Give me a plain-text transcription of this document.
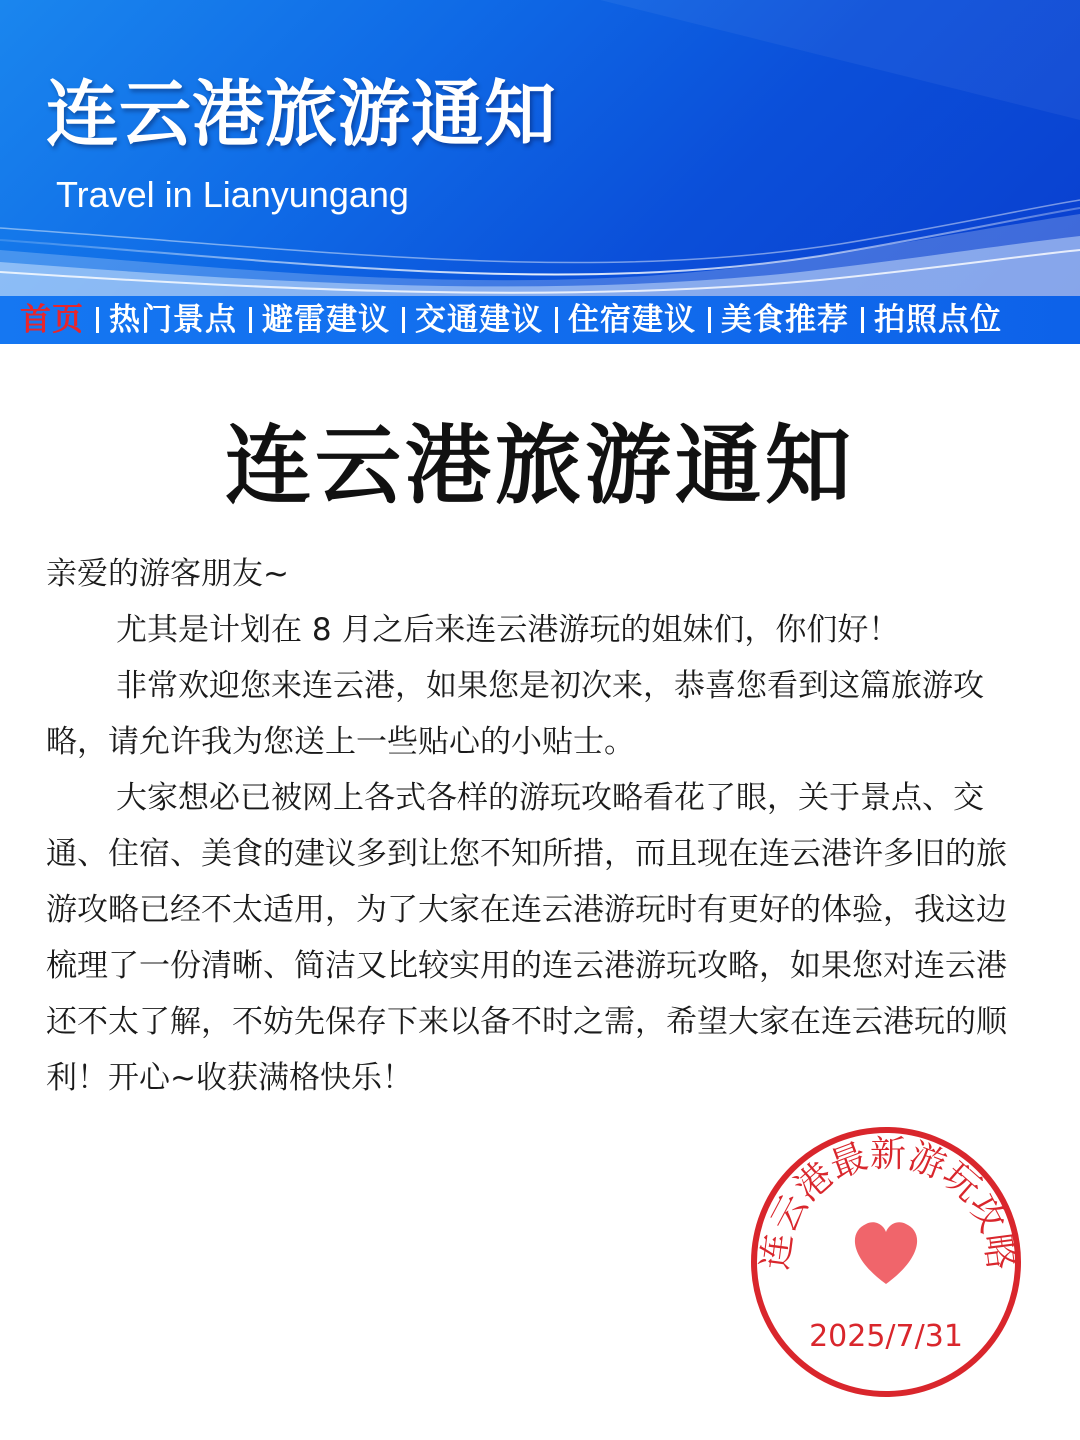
连云港旅游通知
Travel in Lianyungang
首页 热门景点 避雷建议 交通建议 住宿建议 美食推荐 拍照点位
连云港旅游通知

亲爱的游客朋友~

尤其是计划在 8 月之后来连云港游玩的姐妹们，你们好！

非常欢迎您来连云港，如果您是初次来，恭喜您看到这篇旅游攻略，请允许我为您送上一些贴心的小贴士。

大家想必已被网上各式各样的游玩攻略看花了眼，关于景点、交通、住宿、美食的建议多到让您不知所措，而且现在连云港许多旧的旅游攻略已经不太适用，为了大家在连云港游玩时有更好的体验，我这边梳理了一份清晰、简洁又比较实用的连云港游玩攻略，如果您对连云港还不太了解，不妨先保存下来以备不时之需，希望大家在连云港玩的顺利！开心~收获满格快乐！

连云港最新游玩攻略
2025/7/31
